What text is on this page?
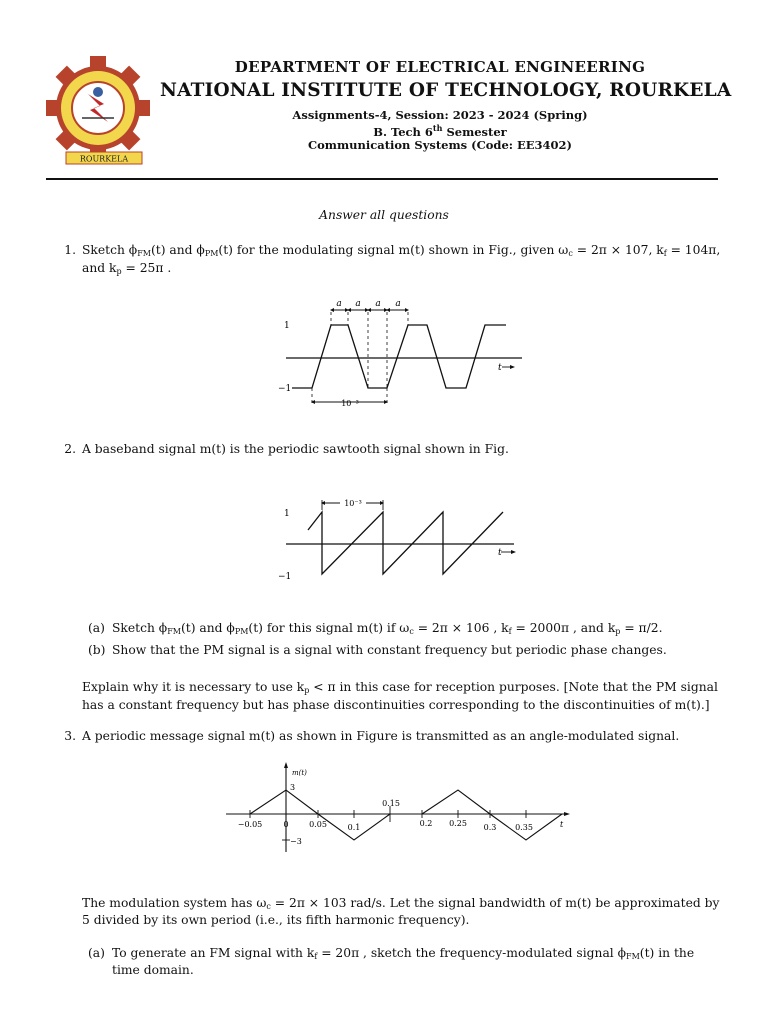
ROURKELA
DEPARTMENT OF ELECTRICAL ENGINEERING
NATIONAL INSTITUTE OF TECHNOLOGY, ROURKELA
Assignments-4, Session: 2023 - 2024 (Spring)
B. Tech 6th Semester
Communication Systems (Code: EE3402)
Answer all questions
1. Sketch $\phi_{FM}(t)$ and $\phi_{PM}(t)$ for the modulating signal m(t) shown in Fig., given $\omega_c = 2\pi \times 107$, $k_f = 104\pi$,
and $k_p = 25\pi$ .
a a a a
1
−1
10⁻³
t
2. A baseband signal m(t) is the periodic sawtooth signal shown in Fig.
10⁻³
1
−1
t
(a) Sketch $\phi_{FM}(t)$ and $\phi_{PM}(t)$ for this signal m(t) if $\omega_c = 2\pi \times 106$ , $k_f = 2000\pi$ , and $k_p = \pi/2$.
(b) Show that the PM signal is a signal with constant frequency but periodic phase changes.
Explain why it is necessary to use $k_p < \pi$ in this case for reception purposes. [Note that the PM signal
has a constant frequency but has phase discontinuities corresponding to the discontinuities of m(t).]
3. A periodic message signal m(t) as shown in Figure is transmitted as an angle-modulated signal.
m(t)
3
−3
−0.05	0	0.05	0.1
0.15
0.2 0.25 0.3 0.35	t
The modulation system has $\omega_c = 2\pi \times 103$ rad/s. Let the signal bandwidth of m(t) be approximated by
5 divided by its own period (i.e., its fifth harmonic frequency).
(a) To generate an FM signal with $k_f = 20\pi$ , sketch the frequency-modulated signal $\phi_{FM}(t)$ in the
time domain.
